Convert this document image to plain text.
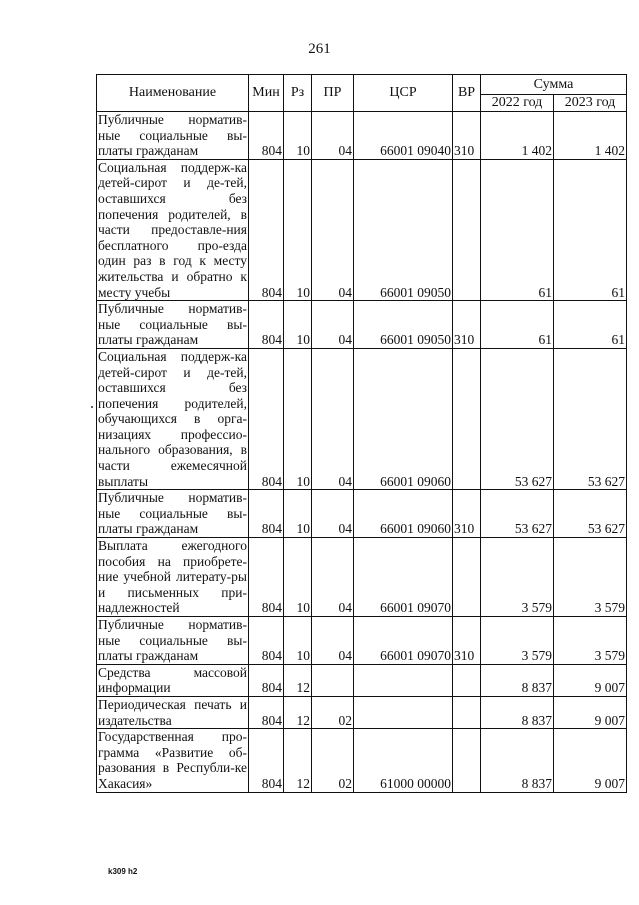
261
Наименование	Мин	Рз	ПР	ЦСР	ВР	Сумма	
						2022 год	2023 год
Публичные норматив-ные социальные вы-платы гражданам	804	10	04	66001 09040	310	1 402	1 402
Социальная поддерж-ка детей-сирот и де-тей, оставшихся без попечения родителей, в части предоставле-ния бесплатного про-езда один раз в год к месту жительства и обратно к месту учебы	804	10	04	66001 09050		61	61
Публичные норматив-ные социальные вы-платы гражданам	804	10	04	66001 09050	310	61	61
Социальная поддерж-ка детей-сирот и де-тей, оставшихся без попечения родителей, обучающихся в орга-низациях профессио-нального образования, в части ежемесячной выплаты	804	10	04	66001 09060		53 627	53 627
Публичные норматив-ные социальные вы-платы гражданам	804	10	04	66001 09060	310	53 627	53 627
Выплата ежегодного пособия на приобрете-ние учебной литерату-ры и письменных при-надлежностей	804	10	04	66001 09070		3 579	3 579
Публичные норматив-ные социальные вы-платы гражданам	804	10	04	66001 09070	310	3 579	3 579
Средства массовой информации	804	12				8 837	9 007
Периодическая печать и издательства	804	12	02			8 837	9 007
Государственная про-грамма «Развитие об-разования в Республи-ке Хакасия»	804	12	02	61000 00000		8 837	9 007
k309 h2
